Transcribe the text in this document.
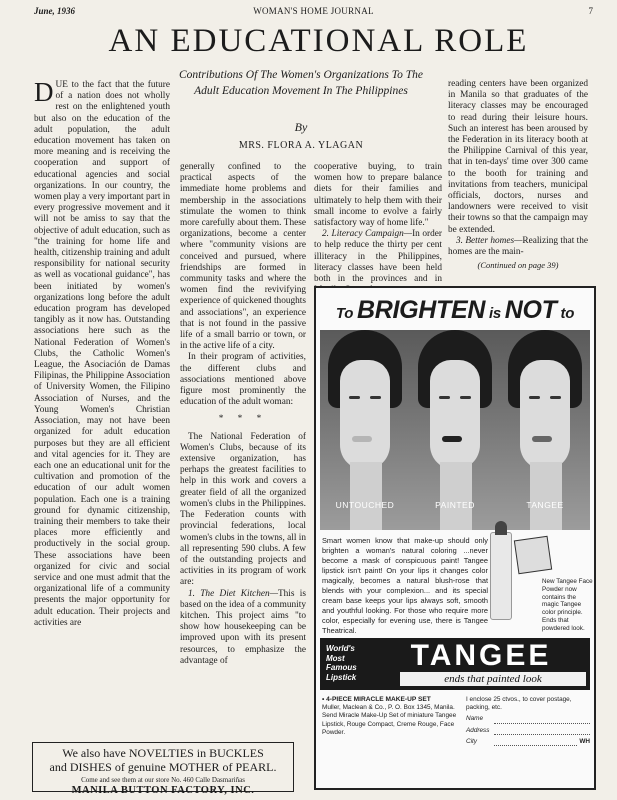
June, 1936	WOMAN'S HOME JOURNAL	7
AN EDUCATIONAL ROLE
Contributions Of The Women's Organizations To The Adult Education Movement In The Philippines
By
MRS. FLORA A. YLAGAN

DUE to the fact that the future of a nation does not wholly rest on the enlightened youth but also on the education of the adult population, the adult education movement has taken on more meaning and is receiving the cooperation and support of educational agencies and social organizations. In our country, the women play a very important part in every progressive movement and it will not be amiss to say that the objective of adult education, such as "the training for home life and health, citizenship training and adult responsibility for national security as well as vocational guidance", has been initiated by women's organizations long before the adult education program has developed tangibly as it now has. Outstanding associations here such as the National Federation of Women's Clubs, the Catholic Women's League, the Asociación de Damas Filipinas, the Philippine Association of University Women, the Filipino Association of Nurses, and the Young Women's Christian Association, may not have been organized for adult education purposes but they are all efficient and vital agencies for it. They are each one an educational unit for the cultivation and promotion of the education of our adult women population. Each one is a training ground for dynamic citizenship, training their members to take their places more efficiently and productively in the social group. These associations have been organized for civic and social service and one must admit that the organizational life of a community presents the major opportunity for adult education. Their projects and activities are

generally confined to the practical aspects of the immediate home problems and membership in the associations stimulate the women to think more carefully about them. These organizations, become a center where "community visions are conceived and pursued, where friendships are formed in community tasks and where the women find the revivifying experience of quickened thoughts and associations", an experience that is not found in the passive life of a small barrio or town, or in the active life of a city.

In their program of activities, the different clubs and associations mentioned above figure most prominently the education of the adult woman:

* * *

The National Federation of Women's Clubs, because of its extensive organization, has perhaps the greatest facilities to help in this work and covers a greater field of all the organized women's clubs in the Philippines. The Federation counts with provincial federations, local women's clubs in the towns, all in all representing 590 clubs. A few of the outstanding projects and activities in its program of work are:

1. The Diet Kitchen—This is based on the idea of a community kitchen. This project aims "to show how housekeeping can be improved upon with its present resources, to emphasize the advantage of

cooperative buying, to train women how to prepare balance diets for their families and ultimately to help them with their small income to evolve a fairly satisfactory way of home life."

2. Literacy Campaign—In order to help reduce the thirty per cent illiteracy in the Philippines, literacy classes have been held both in the provinces and in

reading centers have been organized in Manila so that graduates of the literacy classes may be encouraged to read during their leisure hours. Such an interest has been aroused by the Federation in its literacy booth at the Philippine Carnival of this year, that in ten-days' time over 300 came to the booth for training and invitations from teachers, municipal officials, doctors, nurses and landowners were received to visit their towns so that the campaign may be extended.

3. Better homes—Realizing that the homes are the main-

(Continued on page 39)
We also have NOVELTIES in BUCKLES
and DISHES of genuine MOTHER of PEARL.
Come and see them at our store No. 460 Calle Dasmariñas
MANILA BUTTON FACTORY, INC.
To BRIGHTEN is NOT to
UNTOUCHED	PAINTED	TANGEE
Smart women know that make-up should only brighten a woman's natural coloring ...never become a mask of conspicuous paint! Tangee lipstick isn't paint! On your lips it changes color magically, becomes a natural blush-rose that blends with your complexion... and its special cream base keeps your lips always soft, smooth and youthful looking. For those who require more color, especially for evening use, there is Tangee Theatrical.
New Tangee Face Powder now contains the magic Tangee color principle. Ends that powdered look.
World's Most Famous Lipstick
TANGEE
ends that painted look
• 4-PIECE MIRACLE MAKE-UP SET
Muller, Maclean & Co., P. O. Box 1345, Manila. Send Miracle Make-Up Set of miniature Tangee Lipstick, Rouge Compact, Creme Rouge, Face Powder.
I enclose 25 ctvos., to cover postage, packing, etc.
Name
Address
City	WH
